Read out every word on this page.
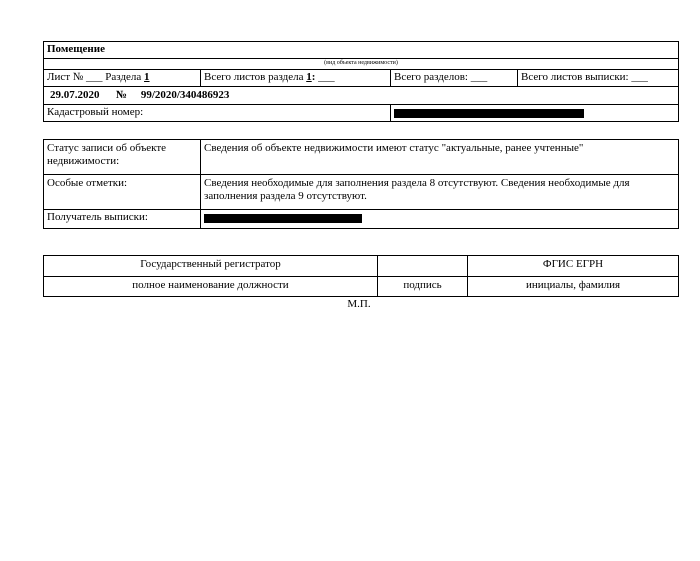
Помещение			
(вид объекта недвижимости)			
Лист № ___ Раздела 1	Всего листов раздела 1: ___	Всего разделов: ___	Всего листов выписки: ___
29.07.2020 № 99/2020/340486923			
Кадастровый номер:			
Статус записи об объекте недвижимости:	Сведения об объекте недвижимости имеют статус "актуальные, ранее учтенные"
Особые отметки:	Сведения необходимые для заполнения раздела 8 отсутствуют. Сведения необходимые для заполнения раздела 9 отсутствуют.
Получатель выписки:	
Государственный регистратор		ФГИС ЕГРН
полное наименование должности	подпись	инициалы, фамилия
М.П.
